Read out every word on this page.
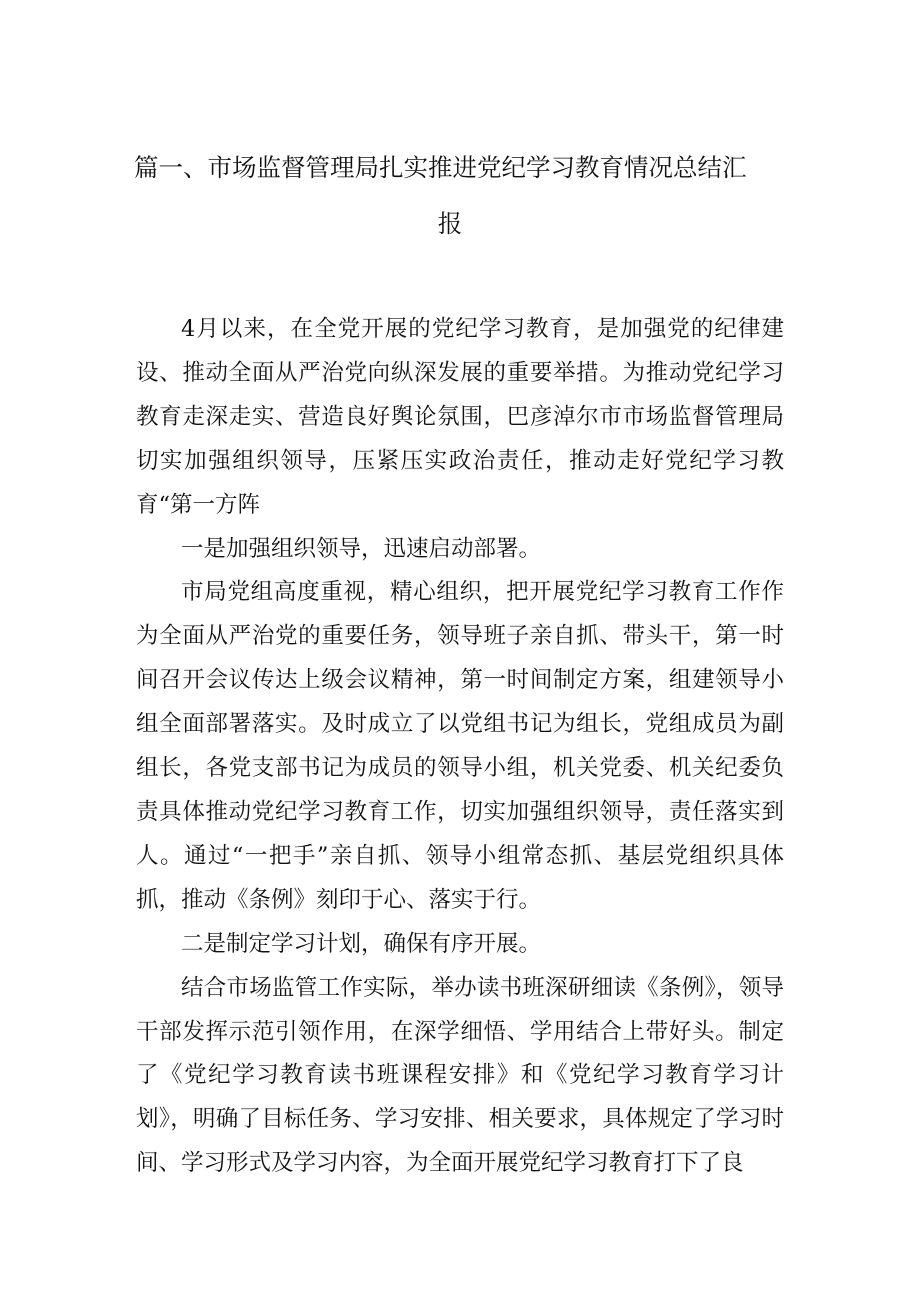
篇一、市场监督管理局扎实推进党纪学习教育情况总结汇
报

4月以来，在全党开展的党纪学习教育，是加强党的纪律建设、推动全面从严治党向纵深发展的重要举措。为推动党纪学习教育走深走实、营造良好舆论氛围，巴彦淖尔市市场监督管理局切实加强组织领导，压紧压实政治责任，推动走好党纪学习教育“第一方阵

一是加强组织领导，迅速启动部署。

市局党组高度重视，精心组织，把开展党纪学习教育工作作为全面从严治党的重要任务，领导班子亲自抓、带头干，第一时间召开会议传达上级会议精神，第一时间制定方案，组建领导小组全面部署落实。及时成立了以党组书记为组长，党组成员为副组长，各党支部书记为成员的领导小组，机关党委、机关纪委负责具体推动党纪学习教育工作，切实加强组织领导，责任落实到人。通过“一把手”亲自抓、领导小组常态抓、基层党组织具体抓，推动《条例》刻印于心、落实于行。

二是制定学习计划，确保有序开展。

结合市场监管工作实际，举办读书班深研细读《条例》，领导干部发挥示范引领作用，在深学细悟、学用结合上带好头。制定了《党纪学习教育读书班课程安排》和《党纪学习教育学习计划》，明确了目标任务、学习安排、相关要求，具体规定了学习时间、学习形式及学习内容，为全面开展党纪学习教育打下了良
